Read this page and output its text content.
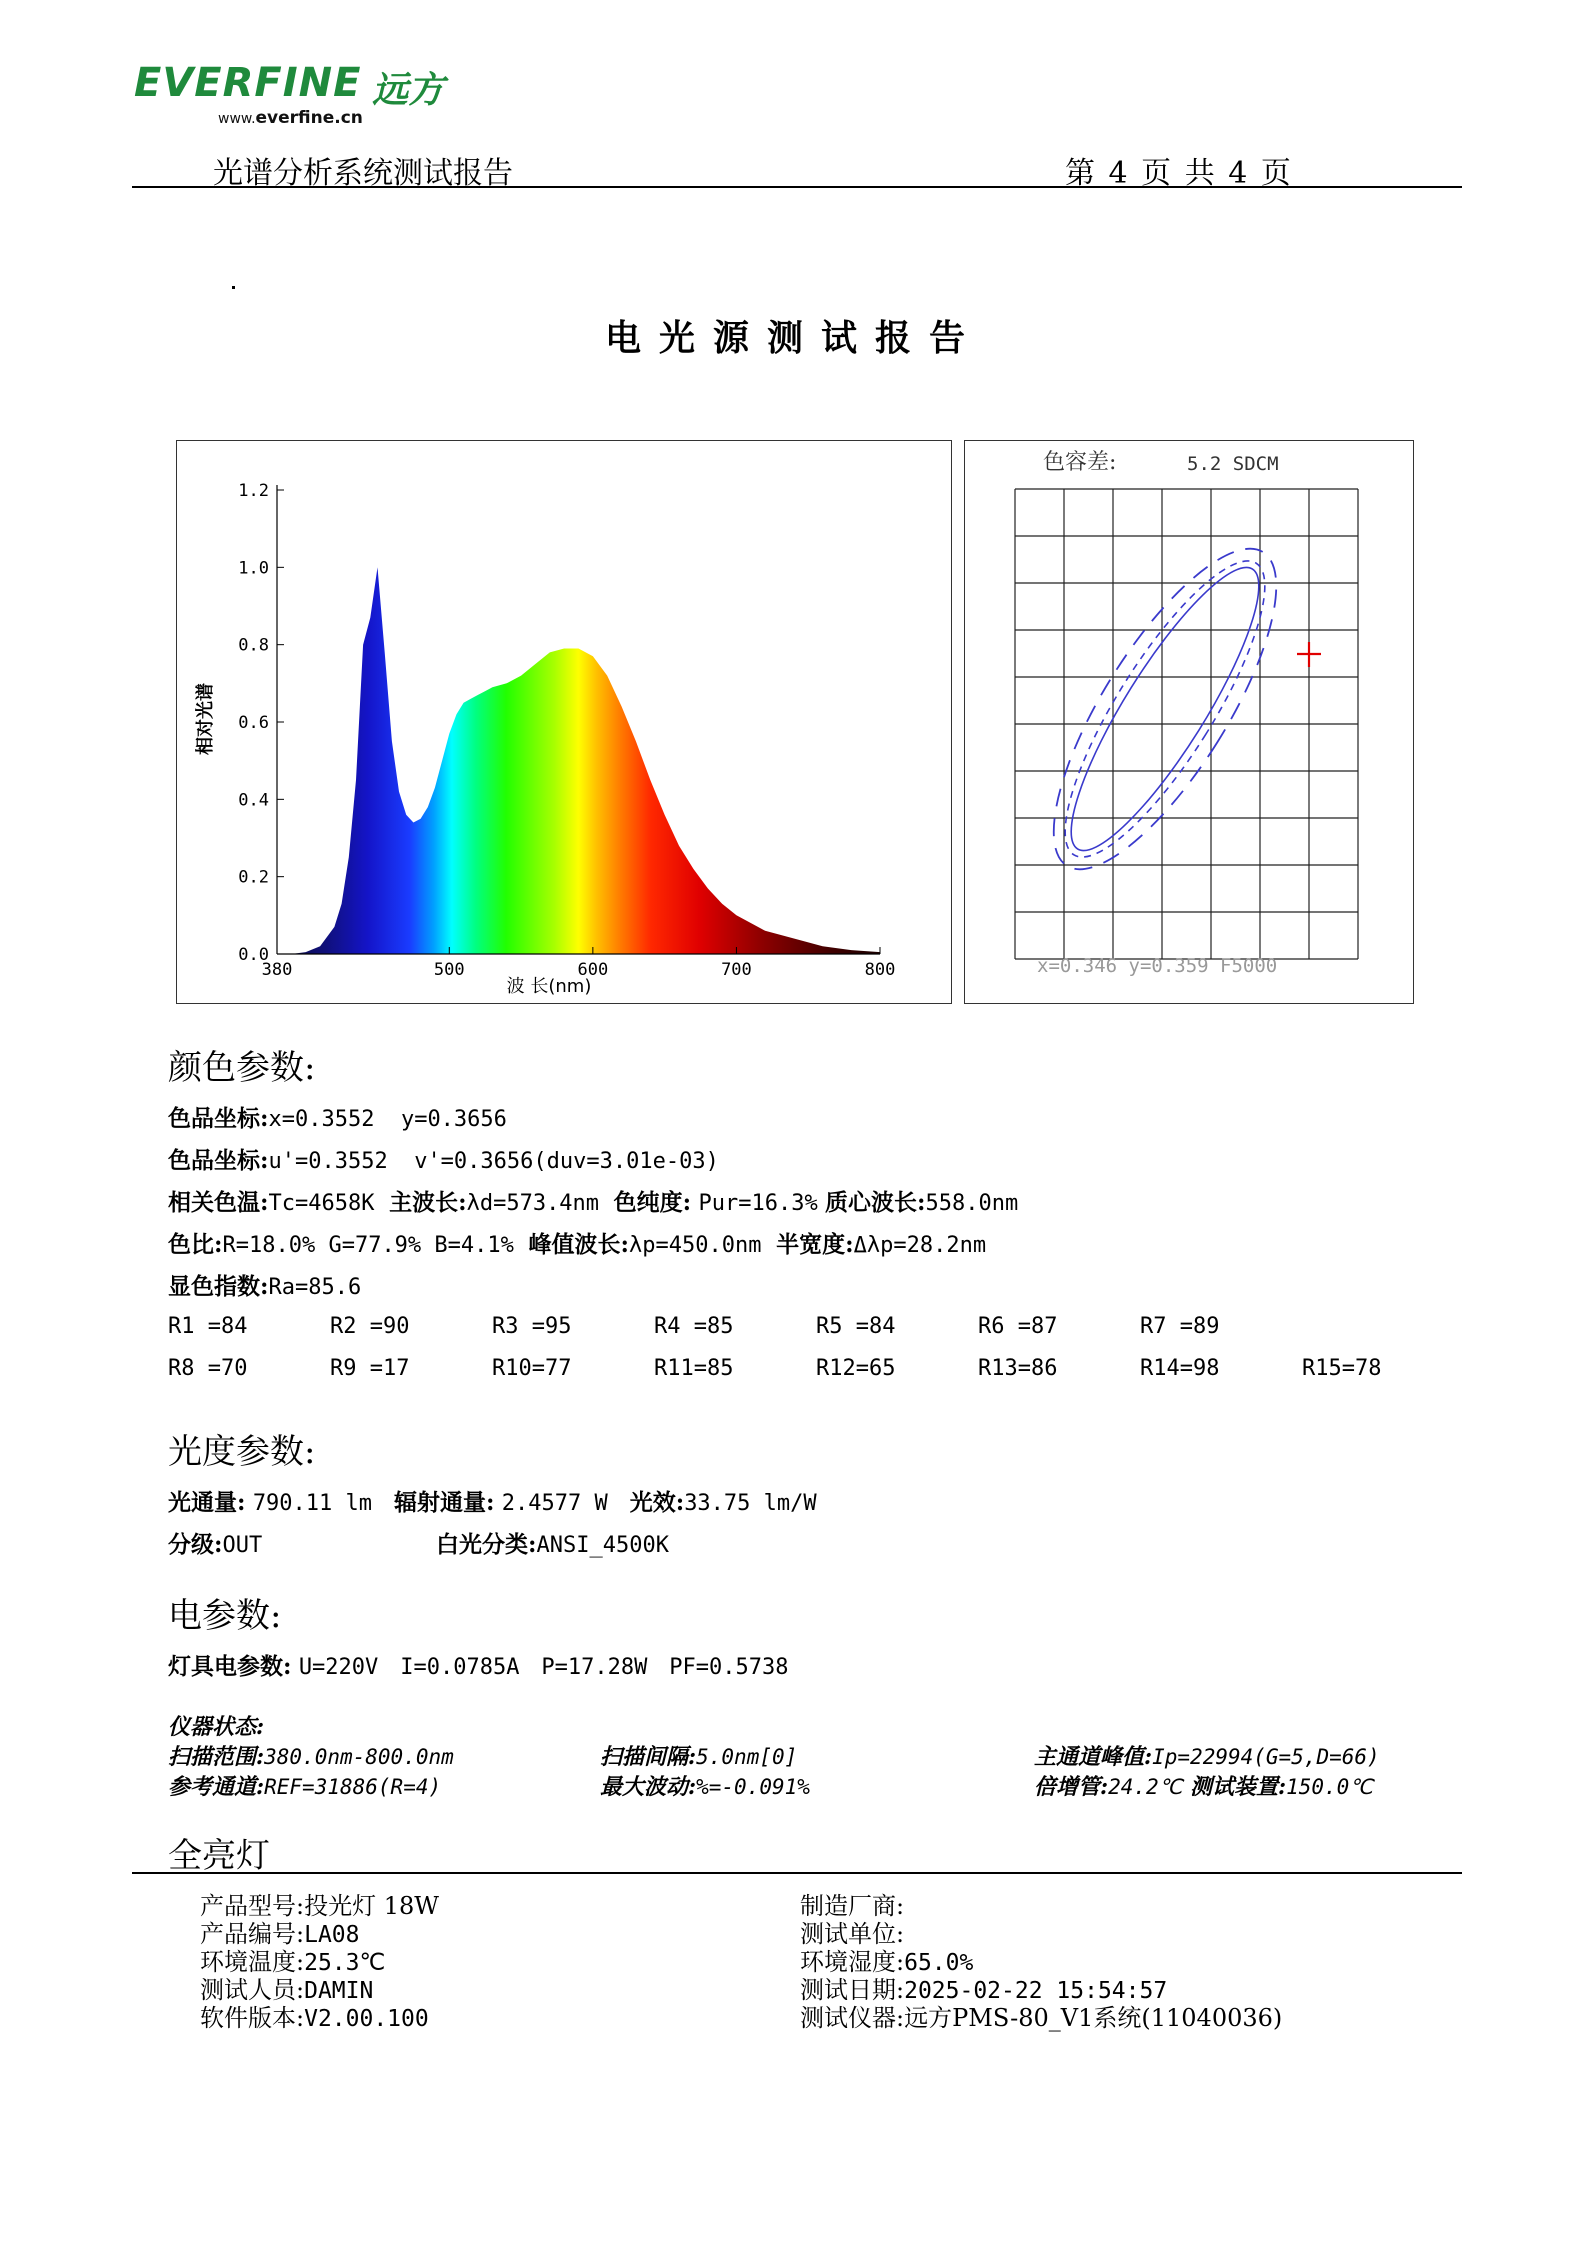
EVERFINE 远方
www.everfine.cn
光谱分析系统测试报告	第 4 页 共 4 页
电光源测试报告
0.0
0.2
0.4
0.6
0.8
1.0
1.2
380	500	600	700	800
相对光谱
波 长(nm)
色容差:	5.2 SDCM
x=0.346 y=0.359 F5000
颜色参数:
色品坐标:x=0.3552  y=0.3656
色品坐标:u'=0.3552  v'=0.3656(duv=3.01e-03)
相关色温:Tc=4658K 主波长:λd=573.4nm 色纯度: Pur=16.3% 质心波长:558.0nm
色比:R=18.0% G=77.9% B=4.1% 峰值波长:λp=450.0nm 半宽度:Δλp=28.2nm
显色指数:Ra=85.6
R1 =84	R2 =90	R3 =95	R4 =85	R5 =84	R6 =87	R7 =89
R8 =70	R9 =17	R10=77	R11=85	R12=65	R13=86	R14=98	R15=78
光度参数:
光通量: 790.11 lm 辐射通量: 2.4577 W 光效:33.75 lm/W
分级:OUT	白光分类:ANSI_4500K
电参数:
灯具电参数: U=220V I=0.0785A P=17.28W PF=0.5738
仪器状态:
扫描范围:380.0nm-800.0nm	扫描间隔:5.0nm[0]	主通道峰值:Ip=22994(G=5,D=66)
参考通道:REF=31886(R=4)	最大波动:%=-0.091%	倍增管:24.2℃ 测试装置:150.0℃
全亮灯
产品型号:投光灯 18W
产品编号:LA08
环境温度:25.3℃
测试人员:DAMIN
软件版本:V2.00.100
制造厂商:
测试单位:
环境湿度:65.0%
测试日期:2025-02-22 15:54:57
测试仪器:远方PMS-80_V1系统(11040036)
